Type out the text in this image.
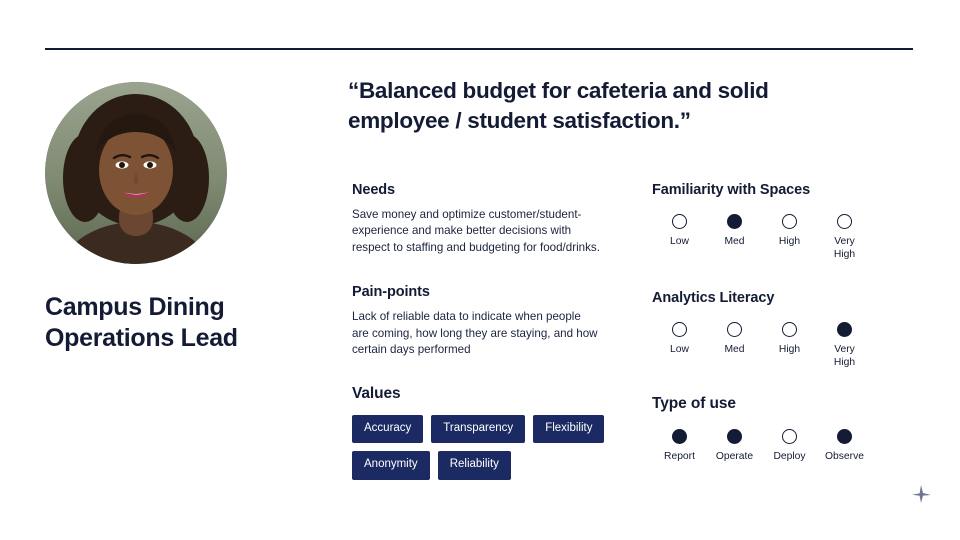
Campus Dining
Operations Lead
“Balanced budget for cafeteria and solid employee / student satisfaction.”
Needs
Save money and optimize customer/student-experience and make better decisions with respect to staffing and budgeting for food/drinks.
Pain-points
Lack of reliable data to indicate when people are coming, how long they are staying, and how certain days performed
Values
Accuracy	Transparency	Flexibility
Anonymity	Reliability
Familiarity with Spaces
Low	Med	High	Very
High
Analytics Literacy
Low	Med	High	Very
High
Type of use
Report	Operate	Deploy	Observe
